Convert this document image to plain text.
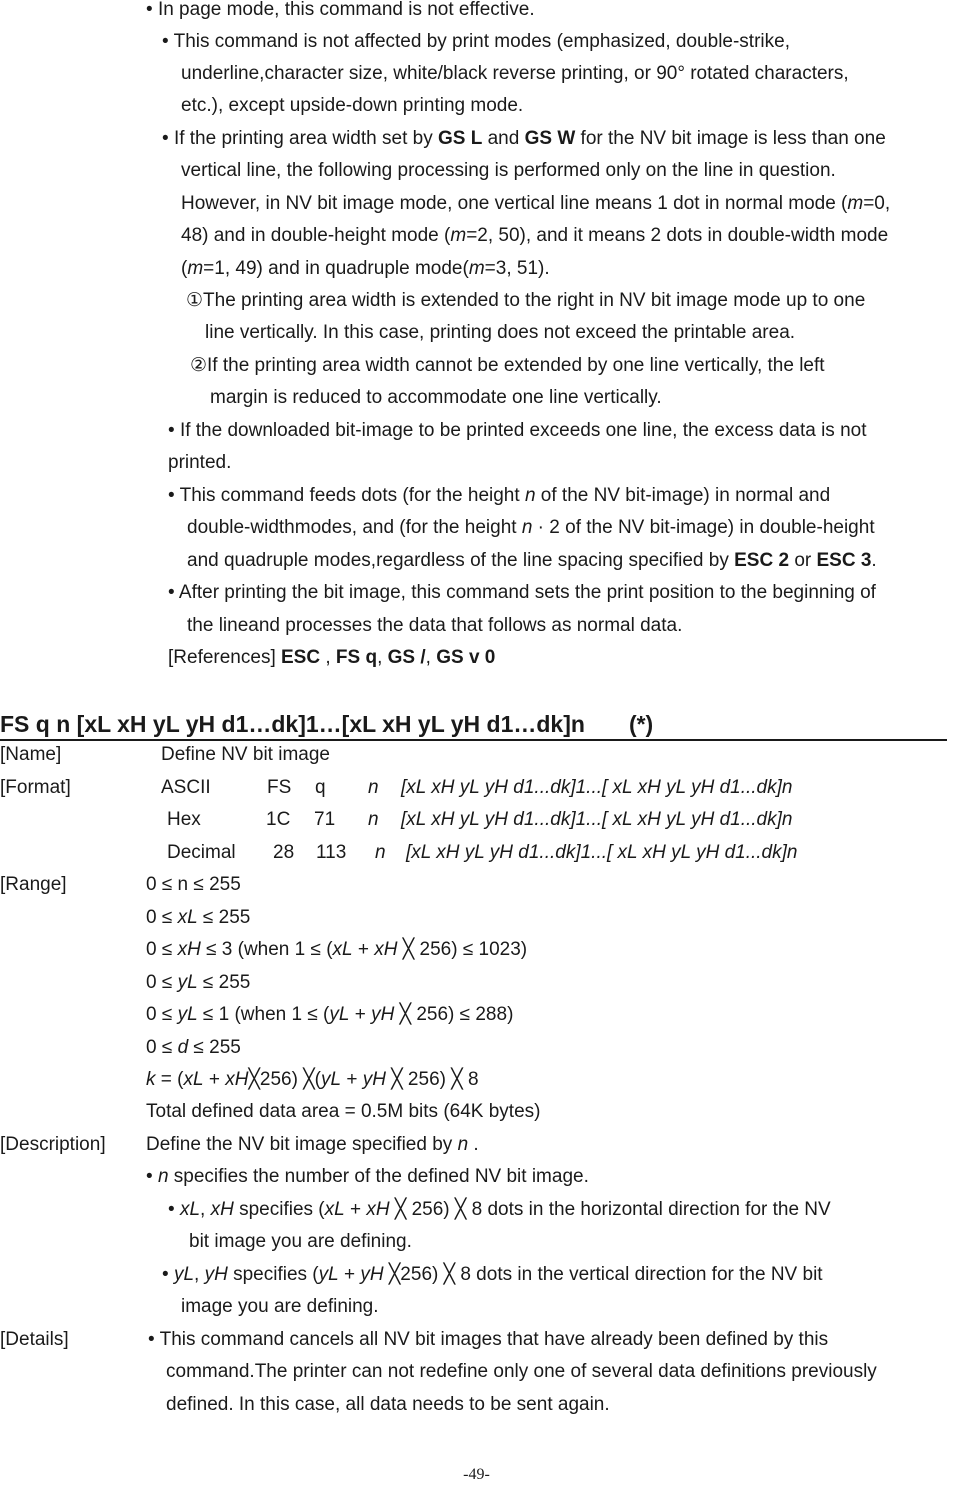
• In page mode, this command is not effective.
• This command is not affected by print modes (emphasized, double-strike,
underline,character size, white/black reverse printing, or 90° rotated characters,
etc.), except upside-down printing mode.
• If the printing area width set by GS L and GS W for the NV bit image is less than one
vertical line, the following processing is performed only on the line in question.
However, in NV bit image mode, one vertical line means 1 dot in normal mode (m=0,
48) and in double-height mode (m=2, 50), and it means 2 dots in double-width mode
(m=1, 49) and in quadruple mode(m=3, 51).
①The printing area width is extended to the right in NV bit image mode up to one
line vertically. In this case, printing does not exceed the printable area.
②If the printing area width cannot be extended by one line vertically, the left
margin is reduced to accommodate one line vertically.
• If the downloaded bit-image to be printed exceeds one line, the excess data is not
printed.
• This command feeds dots (for the height n of the NV bit-image) in normal and
double-widthmodes, and (for the height n · 2 of the NV bit-image) in double-height
and quadruple modes,regardless of the line spacing specified by ESC 2 or ESC 3.
• After printing the bit image, this command sets the print position to the beginning of
the lineand processes the data that follows as normal data.
[References] ESC , FS q, GS /, GS v 0
FS q n [xL xH yL yH d1…dk]1…[xL xH yL yH d1…dk]n (*)
[Name]	Define NV bit image
[Format]	ASCII	FS q n [xL xH yL yH d1...dk]1...[ xL xH yL yH d1...dk]n
Hex	1C 71 n [xL xH yL yH d1...dk]1...[ xL xH yL yH d1...dk]n
Decimal 28 113 n [xL xH yL yH d1...dk]1...[ xL xH yL yH d1...dk]n
[Range]	0 ≤ n ≤ 255
0 ≤ xL ≤ 255
0 ≤ xH ≤ 3 (when 1 ≤ (xL + xH ╳ 256) ≤ 1023)
0 ≤ yL ≤ 255
0 ≤ yL ≤ 1 (when 1 ≤ (yL + yH ╳ 256) ≤ 288)
0 ≤ d ≤ 255
k = (xL + xH╳256) ╳(yL + yH ╳ 256) ╳ 8
Total defined data area = 0.5M bits (64K bytes)
[Description] Define the NV bit image specified by n .
• n specifies the number of the defined NV bit image.
• xL, xH specifies (xL + xH ╳ 256) ╳ 8 dots in the horizontal direction for the NV
bit image you are defining.
• yL, yH specifies (yL + yH ╳256) ╳ 8 dots in the vertical direction for the NV bit
image you are defining.
[Details]	• This command cancels all NV bit images that have already been defined by this
command.The printer can not redefine only one of several data definitions previously
defined. In this case, all data needs to be sent again.
-49-
